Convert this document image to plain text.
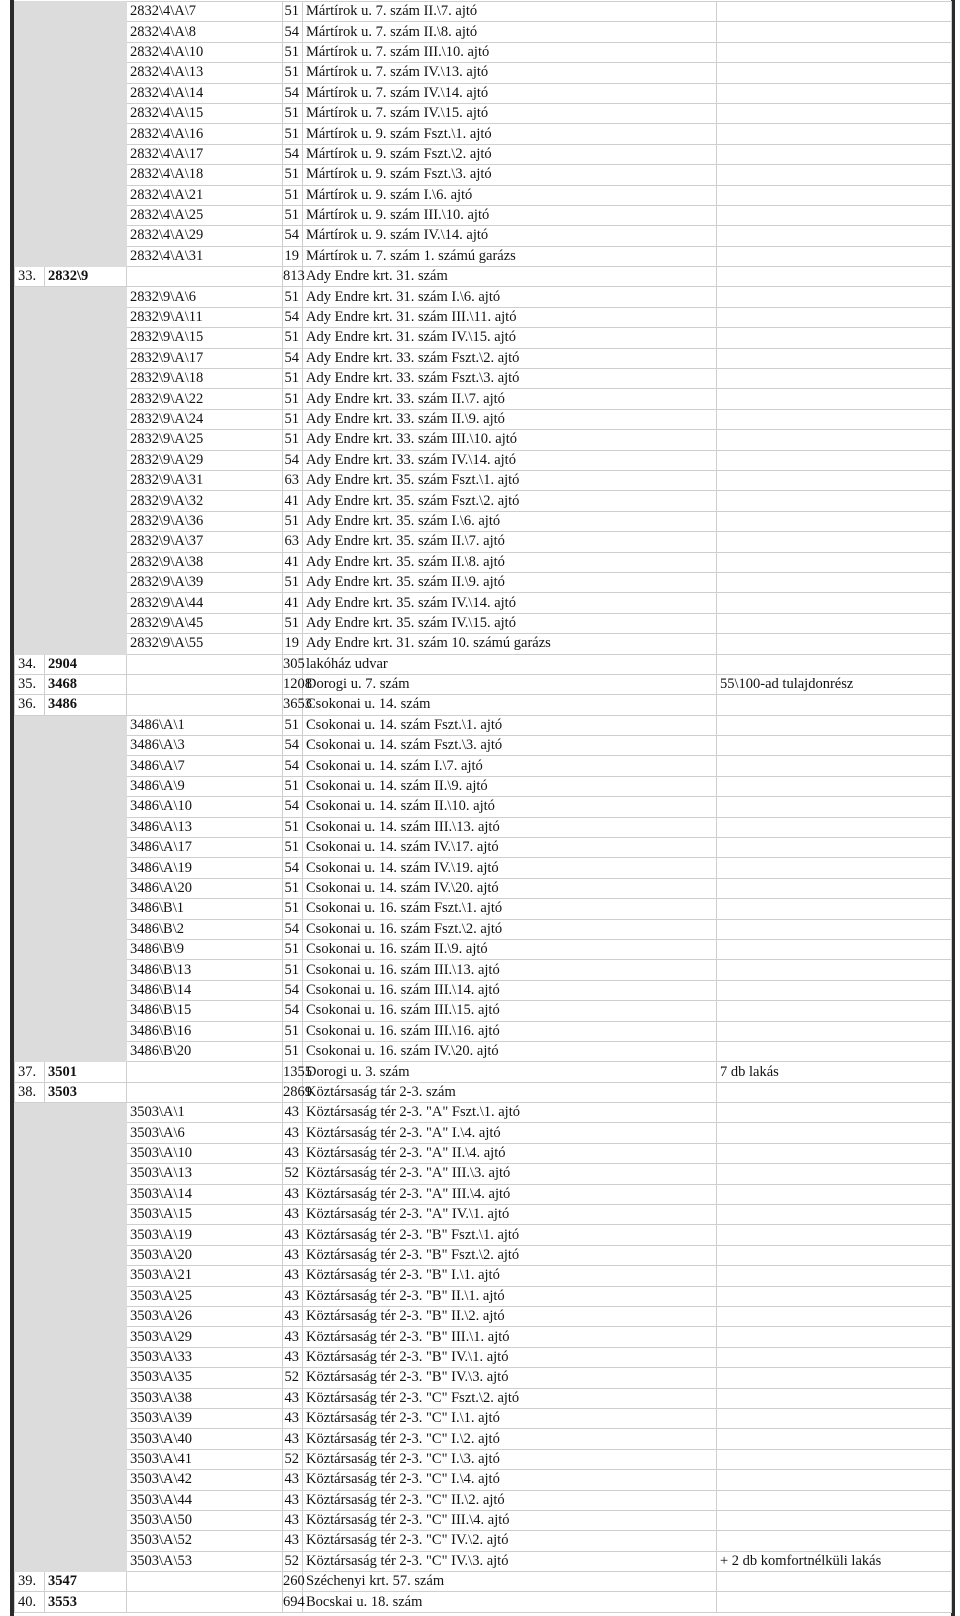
		2832\4\A\7	51	Mártírok u. 7. szám II.\7. ajtó	
		2832\4\A\8	54	Mártírok u. 7. szám II.\8. ajtó	
		2832\4\A\10	51	Mártírok u. 7. szám III.\10. ajtó	
		2832\4\A\13	51	Mártírok u. 7. szám IV.\13. ajtó	
		2832\4\A\14	54	Mártírok u. 7. szám IV.\14. ajtó	
		2832\4\A\15	51	Mártírok u. 7. szám IV.\15. ajtó	
		2832\4\A\16	51	Mártírok u. 9. szám Fszt.\1. ajtó	
		2832\4\A\17	54	Mártírok u. 9. szám Fszt.\2. ajtó	
		2832\4\A\18	51	Mártírok u. 9. szám Fszt.\3. ajtó	
		2832\4\A\21	51	Mártírok u. 9. szám I.\6. ajtó	
		2832\4\A\25	51	Mártírok u. 9. szám III.\10. ajtó	
		2832\4\A\29	54	Mártírok u. 9. szám IV.\14. ajtó	
		2832\4\A\31	19	Mártírok u. 7. szám 1. számú garázs	
33.	2832\9		813	Ady Endre krt. 31. szám	
		2832\9\A\6	51	Ady Endre krt. 31. szám I.\6. ajtó	
		2832\9\A\11	54	Ady Endre krt. 31. szám III.\11. ajtó	
		2832\9\A\15	51	Ady Endre krt. 31. szám IV.\15. ajtó	
		2832\9\A\17	54	Ady Endre krt. 33. szám Fszt.\2. ajtó	
		2832\9\A\18	51	Ady Endre krt. 33. szám Fszt.\3. ajtó	
		2832\9\A\22	51	Ady Endre krt. 33. szám II.\7. ajtó	
		2832\9\A\24	51	Ady Endre krt. 33. szám II.\9. ajtó	
		2832\9\A\25	51	Ady Endre krt. 33. szám III.\10. ajtó	
		2832\9\A\29	54	Ady Endre krt. 33. szám IV.\14. ajtó	
		2832\9\A\31	63	Ady Endre krt. 35. szám Fszt.\1. ajtó	
		2832\9\A\32	41	Ady Endre krt. 35. szám Fszt.\2. ajtó	
		2832\9\A\36	51	Ady Endre krt. 35. szám I.\6. ajtó	
		2832\9\A\37	63	Ady Endre krt. 35. szám II.\7. ajtó	
		2832\9\A\38	41	Ady Endre krt. 35. szám II.\8. ajtó	
		2832\9\A\39	51	Ady Endre krt. 35. szám II.\9. ajtó	
		2832\9\A\44	41	Ady Endre krt. 35. szám IV.\14. ajtó	
		2832\9\A\45	51	Ady Endre krt. 35. szám IV.\15. ajtó	
		2832\9\A\55	19	Ady Endre krt. 31. szám 10. számú garázs	
34.	2904		305	lakóház udvar	
35.	3468		1208	Dorogi u. 7. szám	55\100-ad tulajdonrész
36.	3486		3653	Csokonai u. 14. szám	
		3486\A\1	51	Csokonai u. 14. szám Fszt.\1. ajtó	
		3486\A\3	54	Csokonai u. 14. szám Fszt.\3. ajtó	
		3486\A\7	54	Csokonai u. 14. szám I.\7. ajtó	
		3486\A\9	51	Csokonai u. 14. szám II.\9. ajtó	
		3486\A\10	54	Csokonai u. 14. szám II.\10. ajtó	
		3486\A\13	51	Csokonai u. 14. szám III.\13. ajtó	
		3486\A\17	51	Csokonai u. 14. szám IV.\17. ajtó	
		3486\A\19	54	Csokonai u. 14. szám IV.\19. ajtó	
		3486\A\20	51	Csokonai u. 14. szám IV.\20. ajtó	
		3486\B\1	51	Csokonai u. 16. szám Fszt.\1. ajtó	
		3486\B\2	54	Csokonai u. 16. szám Fszt.\2. ajtó	
		3486\B\9	51	Csokonai u. 16. szám II.\9. ajtó	
		3486\B\13	51	Csokonai u. 16. szám III.\13. ajtó	
		3486\B\14	54	Csokonai u. 16. szám III.\14. ajtó	
		3486\B\15	54	Csokonai u. 16. szám III.\15. ajtó	
		3486\B\16	51	Csokonai u. 16. szám III.\16. ajtó	
		3486\B\20	51	Csokonai u. 16. szám IV.\20. ajtó	
37.	3501		1355	Dorogi u. 3. szám	7 db lakás
38.	3503		2869	Köztársaság tár 2-3. szám	
		3503\A\1	43	Köztársaság tér 2-3. "A" Fszt.\1. ajtó	
		3503\A\6	43	Köztársaság tér 2-3. "A" I.\4. ajtó	
		3503\A\10	43	Köztársaság tér 2-3. "A" II.\4. ajtó	
		3503\A\13	52	Köztársaság tér 2-3. "A" III.\3. ajtó	
		3503\A\14	43	Köztársaság tér 2-3. "A" III.\4. ajtó	
		3503\A\15	43	Köztársaság tér 2-3. "A" IV.\1. ajtó	
		3503\A\19	43	Köztársaság tér 2-3. "B" Fszt.\1. ajtó	
		3503\A\20	43	Köztársaság tér 2-3. "B" Fszt.\2. ajtó	
		3503\A\21	43	Köztársaság tér 2-3. "B" I.\1. ajtó	
		3503\A\25	43	Köztársaság tér 2-3. "B" II.\1. ajtó	
		3503\A\26	43	Köztársaság tér 2-3. "B" II.\2. ajtó	
		3503\A\29	43	Köztársaság tér 2-3. "B" III.\1. ajtó	
		3503\A\33	43	Köztársaság tér 2-3. "B" IV.\1. ajtó	
		3503\A\35	52	Köztársaság tér 2-3. "B" IV.\3. ajtó	
		3503\A\38	43	Köztársaság tér 2-3. "C" Fszt.\2. ajtó	
		3503\A\39	43	Köztársaság tér 2-3. "C" I.\1. ajtó	
		3503\A\40	43	Köztársaság tér 2-3. "C" I.\2. ajtó	
		3503\A\41	52	Köztársaság tér 2-3. "C" I.\3. ajtó	
		3503\A\42	43	Köztársaság tér 2-3. "C" I.\4. ajtó	
		3503\A\44	43	Köztársaság tér 2-3. "C" II.\2. ajtó	
		3503\A\50	43	Köztársaság tér 2-3. "C" III.\4. ajtó	
		3503\A\52	43	Köztársaság tér 2-3. "C" IV.\2. ajtó	
		3503\A\53	52	Köztársaság tér 2-3. "C" IV.\3. ajtó	+ 2 db komfortnélküli lakás
39.	3547		260	Széchenyi krt. 57. szám	
40.	3553		694	Bocskai u. 18. szám	
